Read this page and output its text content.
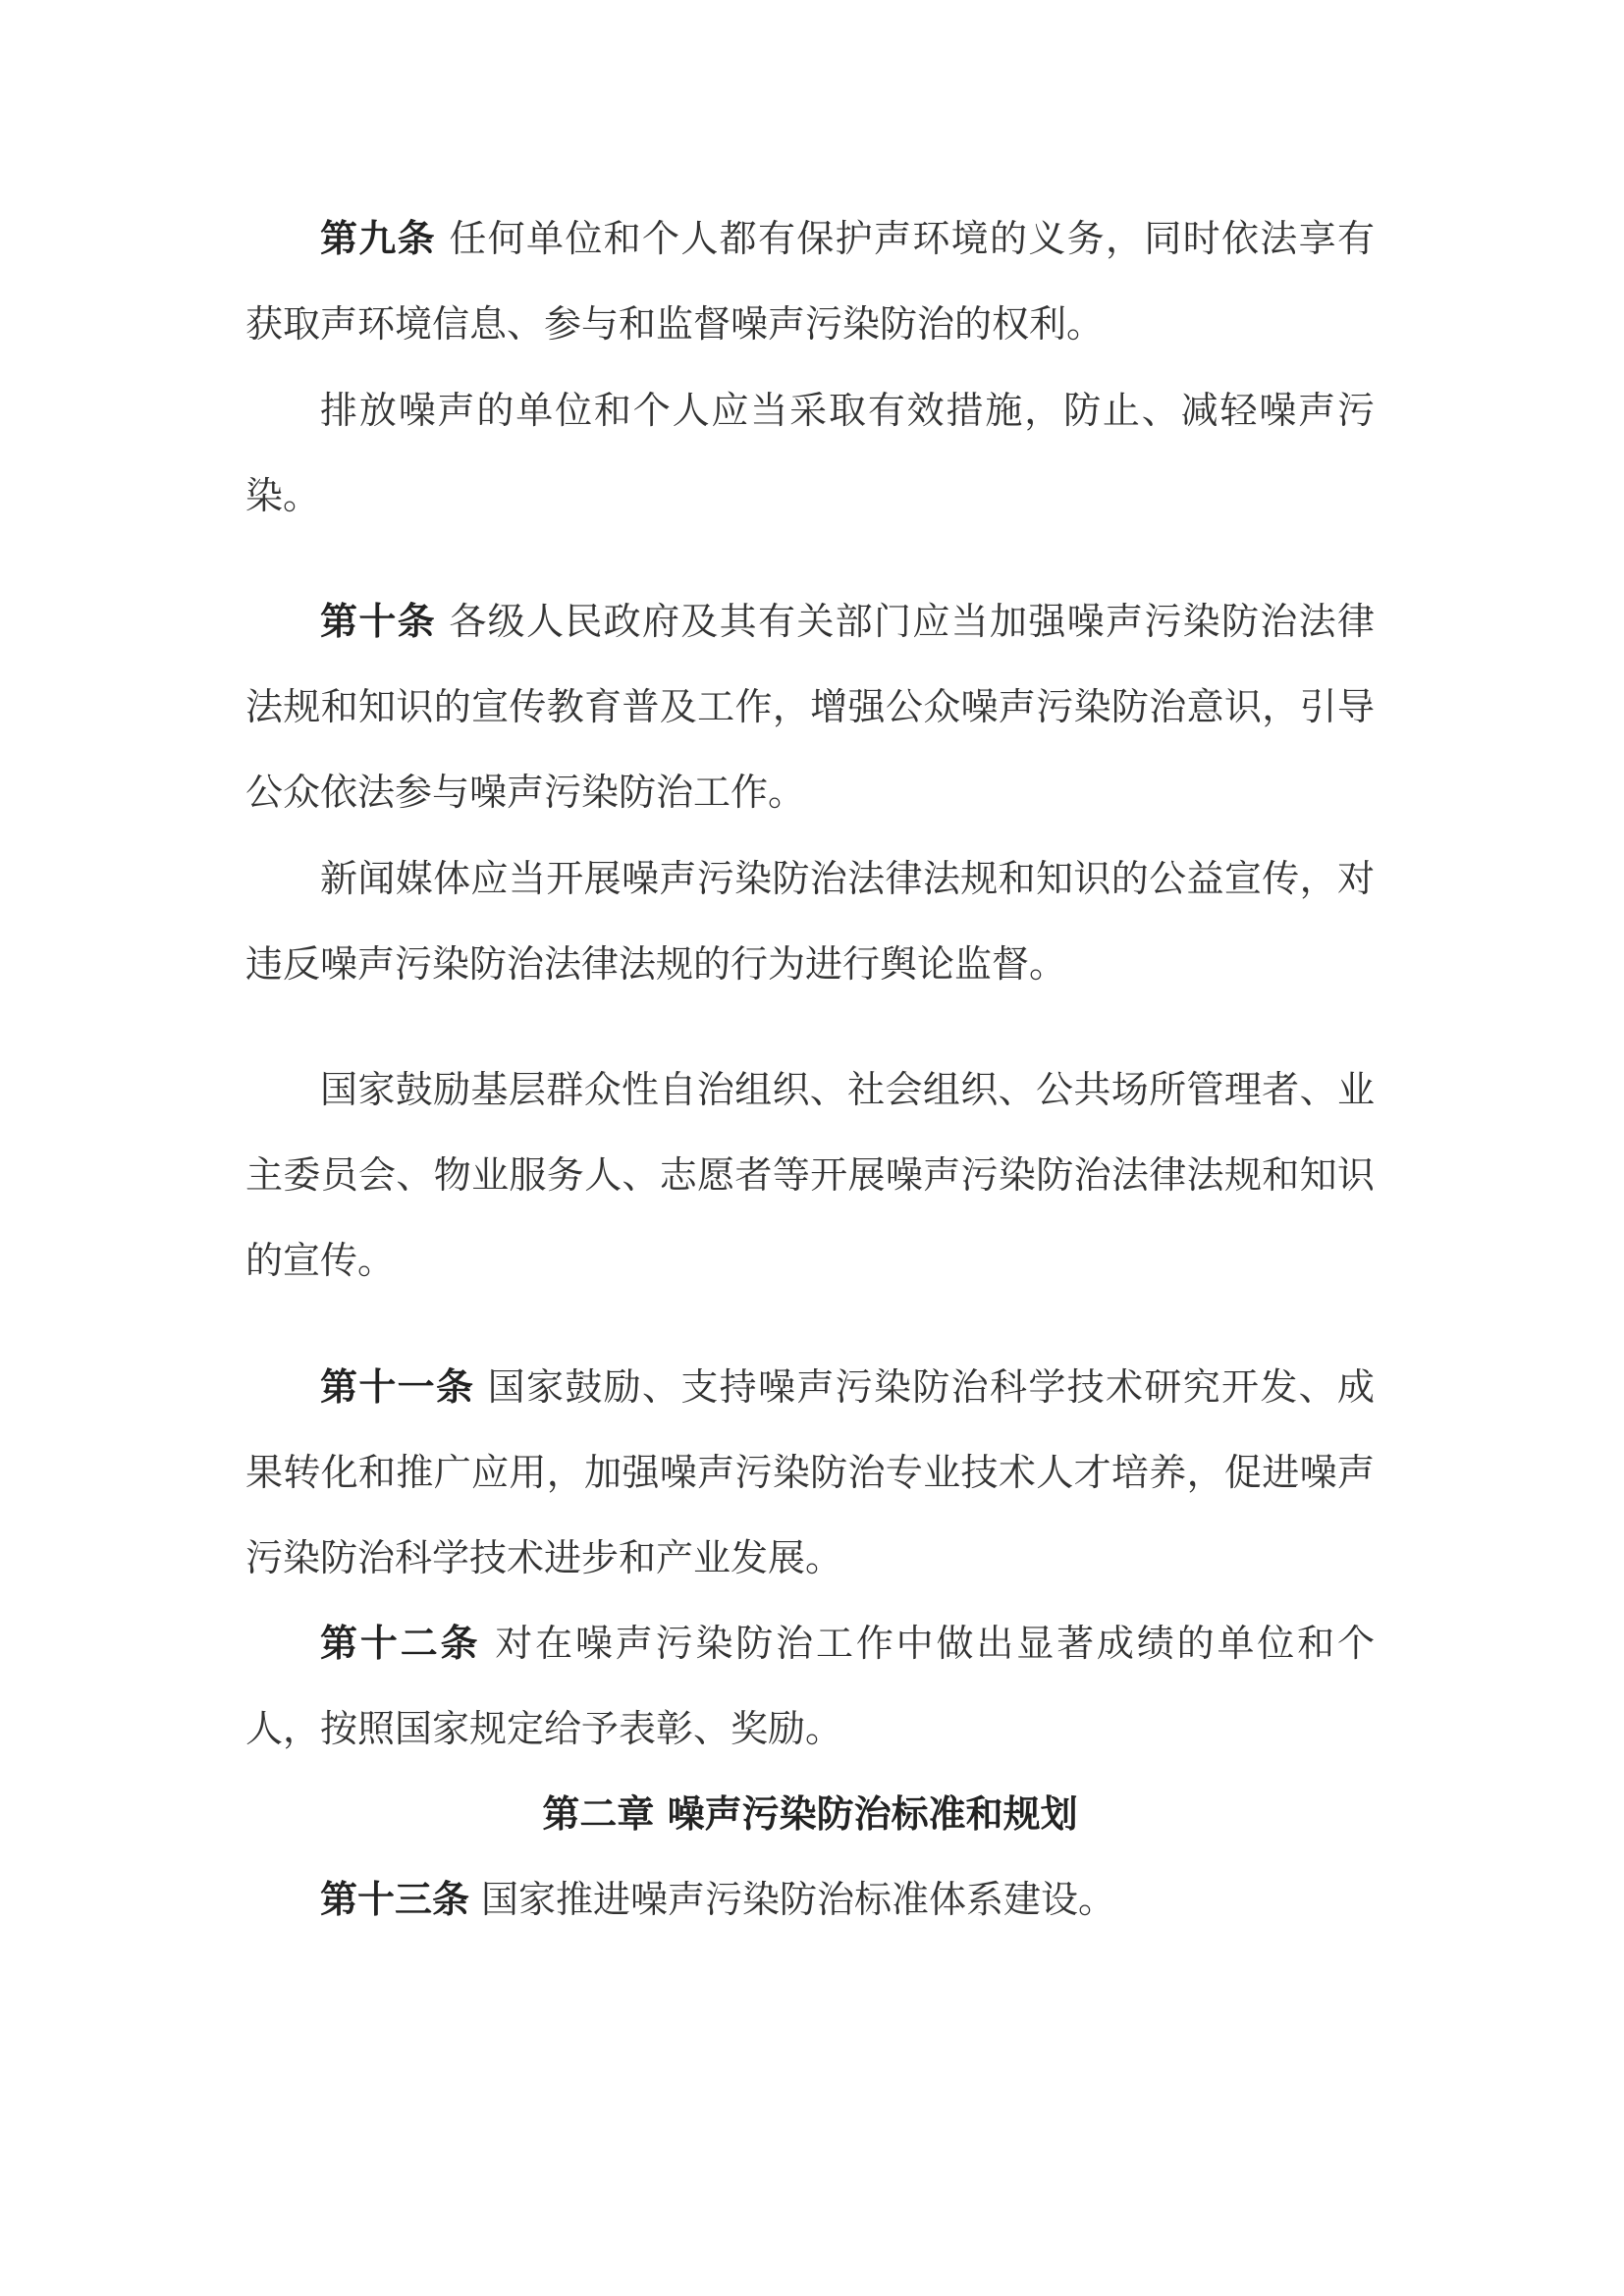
第九条 任何单位和个人都有保护声环境的义务，同时依法享有获取声环境信息、参与和监督噪声污染防治的权利。

排放噪声的单位和个人应当采取有效措施，防止、减轻噪声污染。

第十条 各级人民政府及其有关部门应当加强噪声污染防治法律法规和知识的宣传教育普及工作，增强公众噪声污染防治意识，引导公众依法参与噪声污染防治工作。

新闻媒体应当开展噪声污染防治法律法规和知识的公益宣传，对违反噪声污染防治法律法规的行为进行舆论监督。

国家鼓励基层群众性自治组织、社会组织、公共场所管理者、业主委员会、物业服务人、志愿者等开展噪声污染防治法律法规和知识的宣传。

第十一条 国家鼓励、支持噪声污染防治科学技术研究开发、成果转化和推广应用，加强噪声污染防治专业技术人才培养，促进噪声污染防治科学技术进步和产业发展。

第十二条 对在噪声污染防治工作中做出显著成绩的单位和个人，按照国家规定给予表彰、奖励。

第二章 噪声污染防治标准和规划

第十三条 国家推进噪声污染防治标准体系建设。
